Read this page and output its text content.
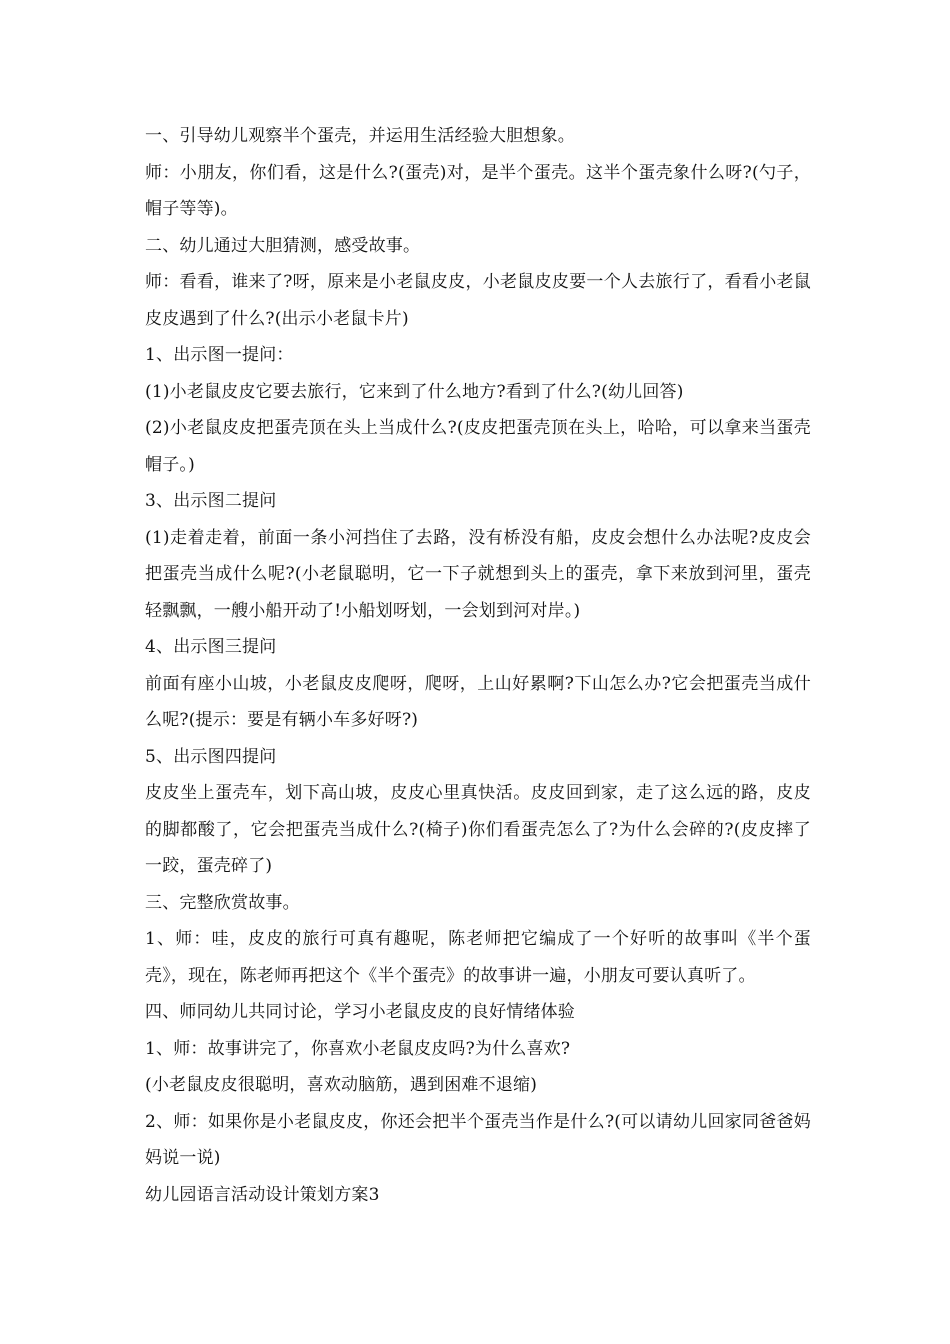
一、引导幼儿观察半个蛋壳，并运用生活经验大胆想象。

师：小朋友，你们看，这是什么?(蛋壳)对，是半个蛋壳。这半个蛋壳象什么呀?(勺子，帽子等等)。

二、幼儿通过大胆猜测，感受故事。

师：看看，谁来了?呀，原来是小老鼠皮皮，小老鼠皮皮要一个人去旅行了，看看小老鼠皮皮遇到了什么?(出示小老鼠卡片)

1、出示图一提问：

(1)小老鼠皮皮它要去旅行，它来到了什么地方?看到了什么?(幼儿回答)

(2)小老鼠皮皮把蛋壳顶在头上当成什么?(皮皮把蛋壳顶在头上，哈哈，可以拿来当蛋壳帽子。)

3、出示图二提问

(1)走着走着，前面一条小河挡住了去路，没有桥没有船，皮皮会想什么办法呢?皮皮会把蛋壳当成什么呢?(小老鼠聪明，它一下子就想到头上的蛋壳，拿下来放到河里，蛋壳轻飘飘，一艘小船开动了!小船划呀划，一会划到河对岸。)

4、出示图三提问

前面有座小山坡，小老鼠皮皮爬呀，爬呀，上山好累啊?下山怎么办?它会把蛋壳当成什么呢?(提示：要是有辆小车多好呀?)

5、出示图四提问

皮皮坐上蛋壳车，划下高山坡，皮皮心里真快活。皮皮回到家，走了这么远的路，皮皮的脚都酸了，它会把蛋壳当成什么?(椅子)你们看蛋壳怎么了?为什么会碎的?(皮皮摔了一跤，蛋壳碎了)

三、完整欣赏故事。

1、师：哇，皮皮的旅行可真有趣呢，陈老师把它编成了一个好听的故事叫《半个蛋壳》，现在，陈老师再把这个《半个蛋壳》的故事讲一遍，小朋友可要认真听了。

四、师同幼儿共同讨论，学习小老鼠皮皮的良好情绪体验

1、师：故事讲完了，你喜欢小老鼠皮皮吗?为什么喜欢?

(小老鼠皮皮很聪明，喜欢动脑筋，遇到困难不退缩)

2、师：如果你是小老鼠皮皮，你还会把半个蛋壳当作是什么?(可以请幼儿回家同爸爸妈妈说一说)

幼儿园语言活动设计策划方案3
